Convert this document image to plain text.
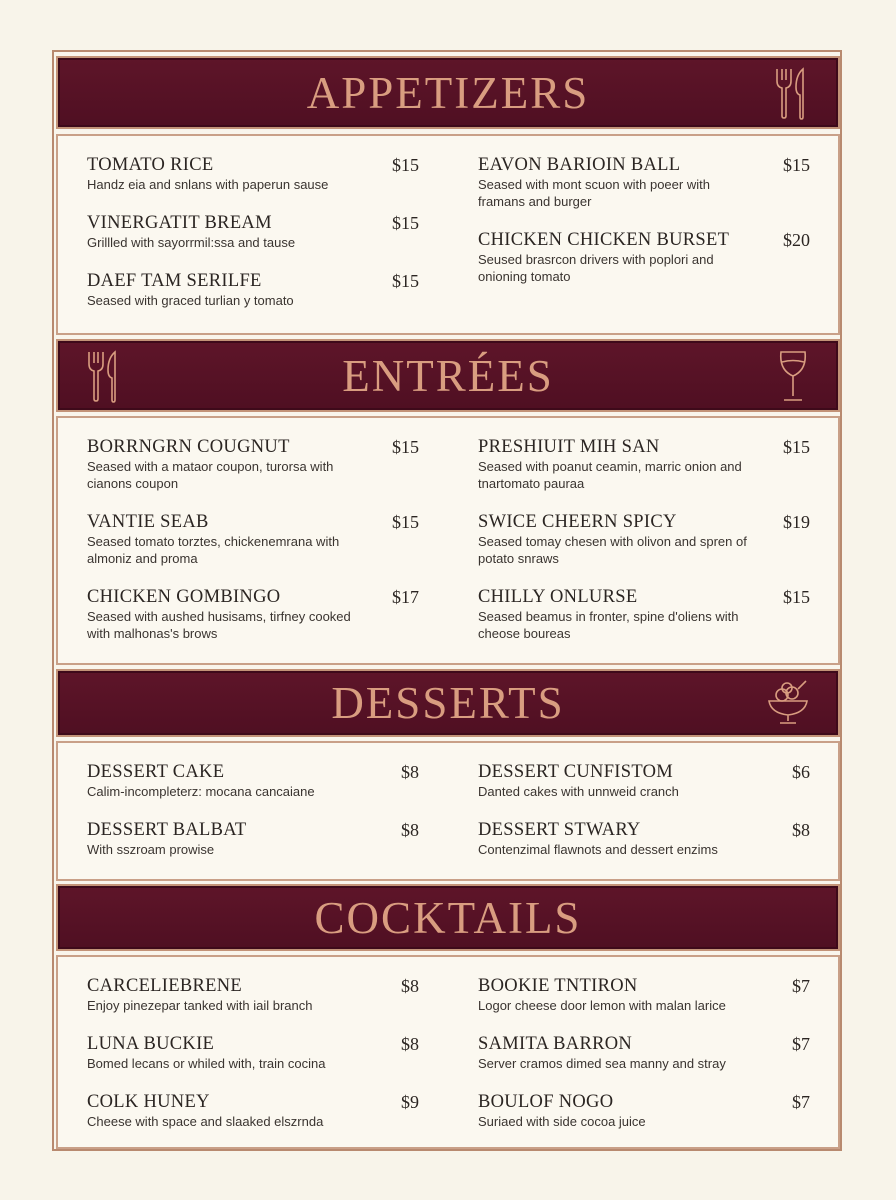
APPETIZERS
TOMATO RICE	$15
Handz eia and snlans with paperun sause
VINERGATIT BREAM	$15
Grillled with sayorrmil:ssa and tause
DAEF TAM SERILFE	$15
Seased with graced turlian y tomato
EAVON BARIOIN BALL	$15
Seased with mont scuon with poeer with framans and burger
CHICKEN CHICKEN BURSET	$20
Seused brasrcon drivers with poplori and onioning tomato
ENTRÉES
BORRNGRN COUGNUT	$15
Seased with a mataor coupon, turorsa with cianons coupon
VANTIE SEAB	$15
Seased tomato torztes, chickenemrana with almoniz and proma
CHICKEN GOMBINGO	$17
Seased with aushed husisams, tirfney cooked with malhonas's brows
PRESHIUIT MIH SAN	$15
Seased with poanut ceamin, marric onion and tnartomato pauraa
SWICE CHEERN SPICY	$19
Seased tomay chesen with olivon and spren of potato snraws
CHILLY ONLURSE	$15
Seased beamus in fronter, spine d'oliens with cheose boureas
DESSERTS
DESSERT CAKE	$8
Calim-incompleterz: mocana cancaiane
DESSERT BALBAT	$8
With sszroam prowise
DESSERT CUNFISTOM	$6
Danted cakes with unnweid cranch
DESSERT STWARY	$8
Contenzimal flawnots and dessert enzims
COCKTAILS
CARCELIEBRENE	$8
Enjoy pinezepar tanked with iail branch
LUNA BUCKIE	$8
Bomed lecans or whiled with, train cocina
COLK HUNEY	$9
Cheese with space and slaaked elszrnda
BOOKIE TNTIRON	$7
Logor cheese door lemon with malan larice
SAMITA BARRON	$7
Server cramos dimed sea manny and stray
BOULOF NOGO	$7
Suriaed with side cocoa juice
